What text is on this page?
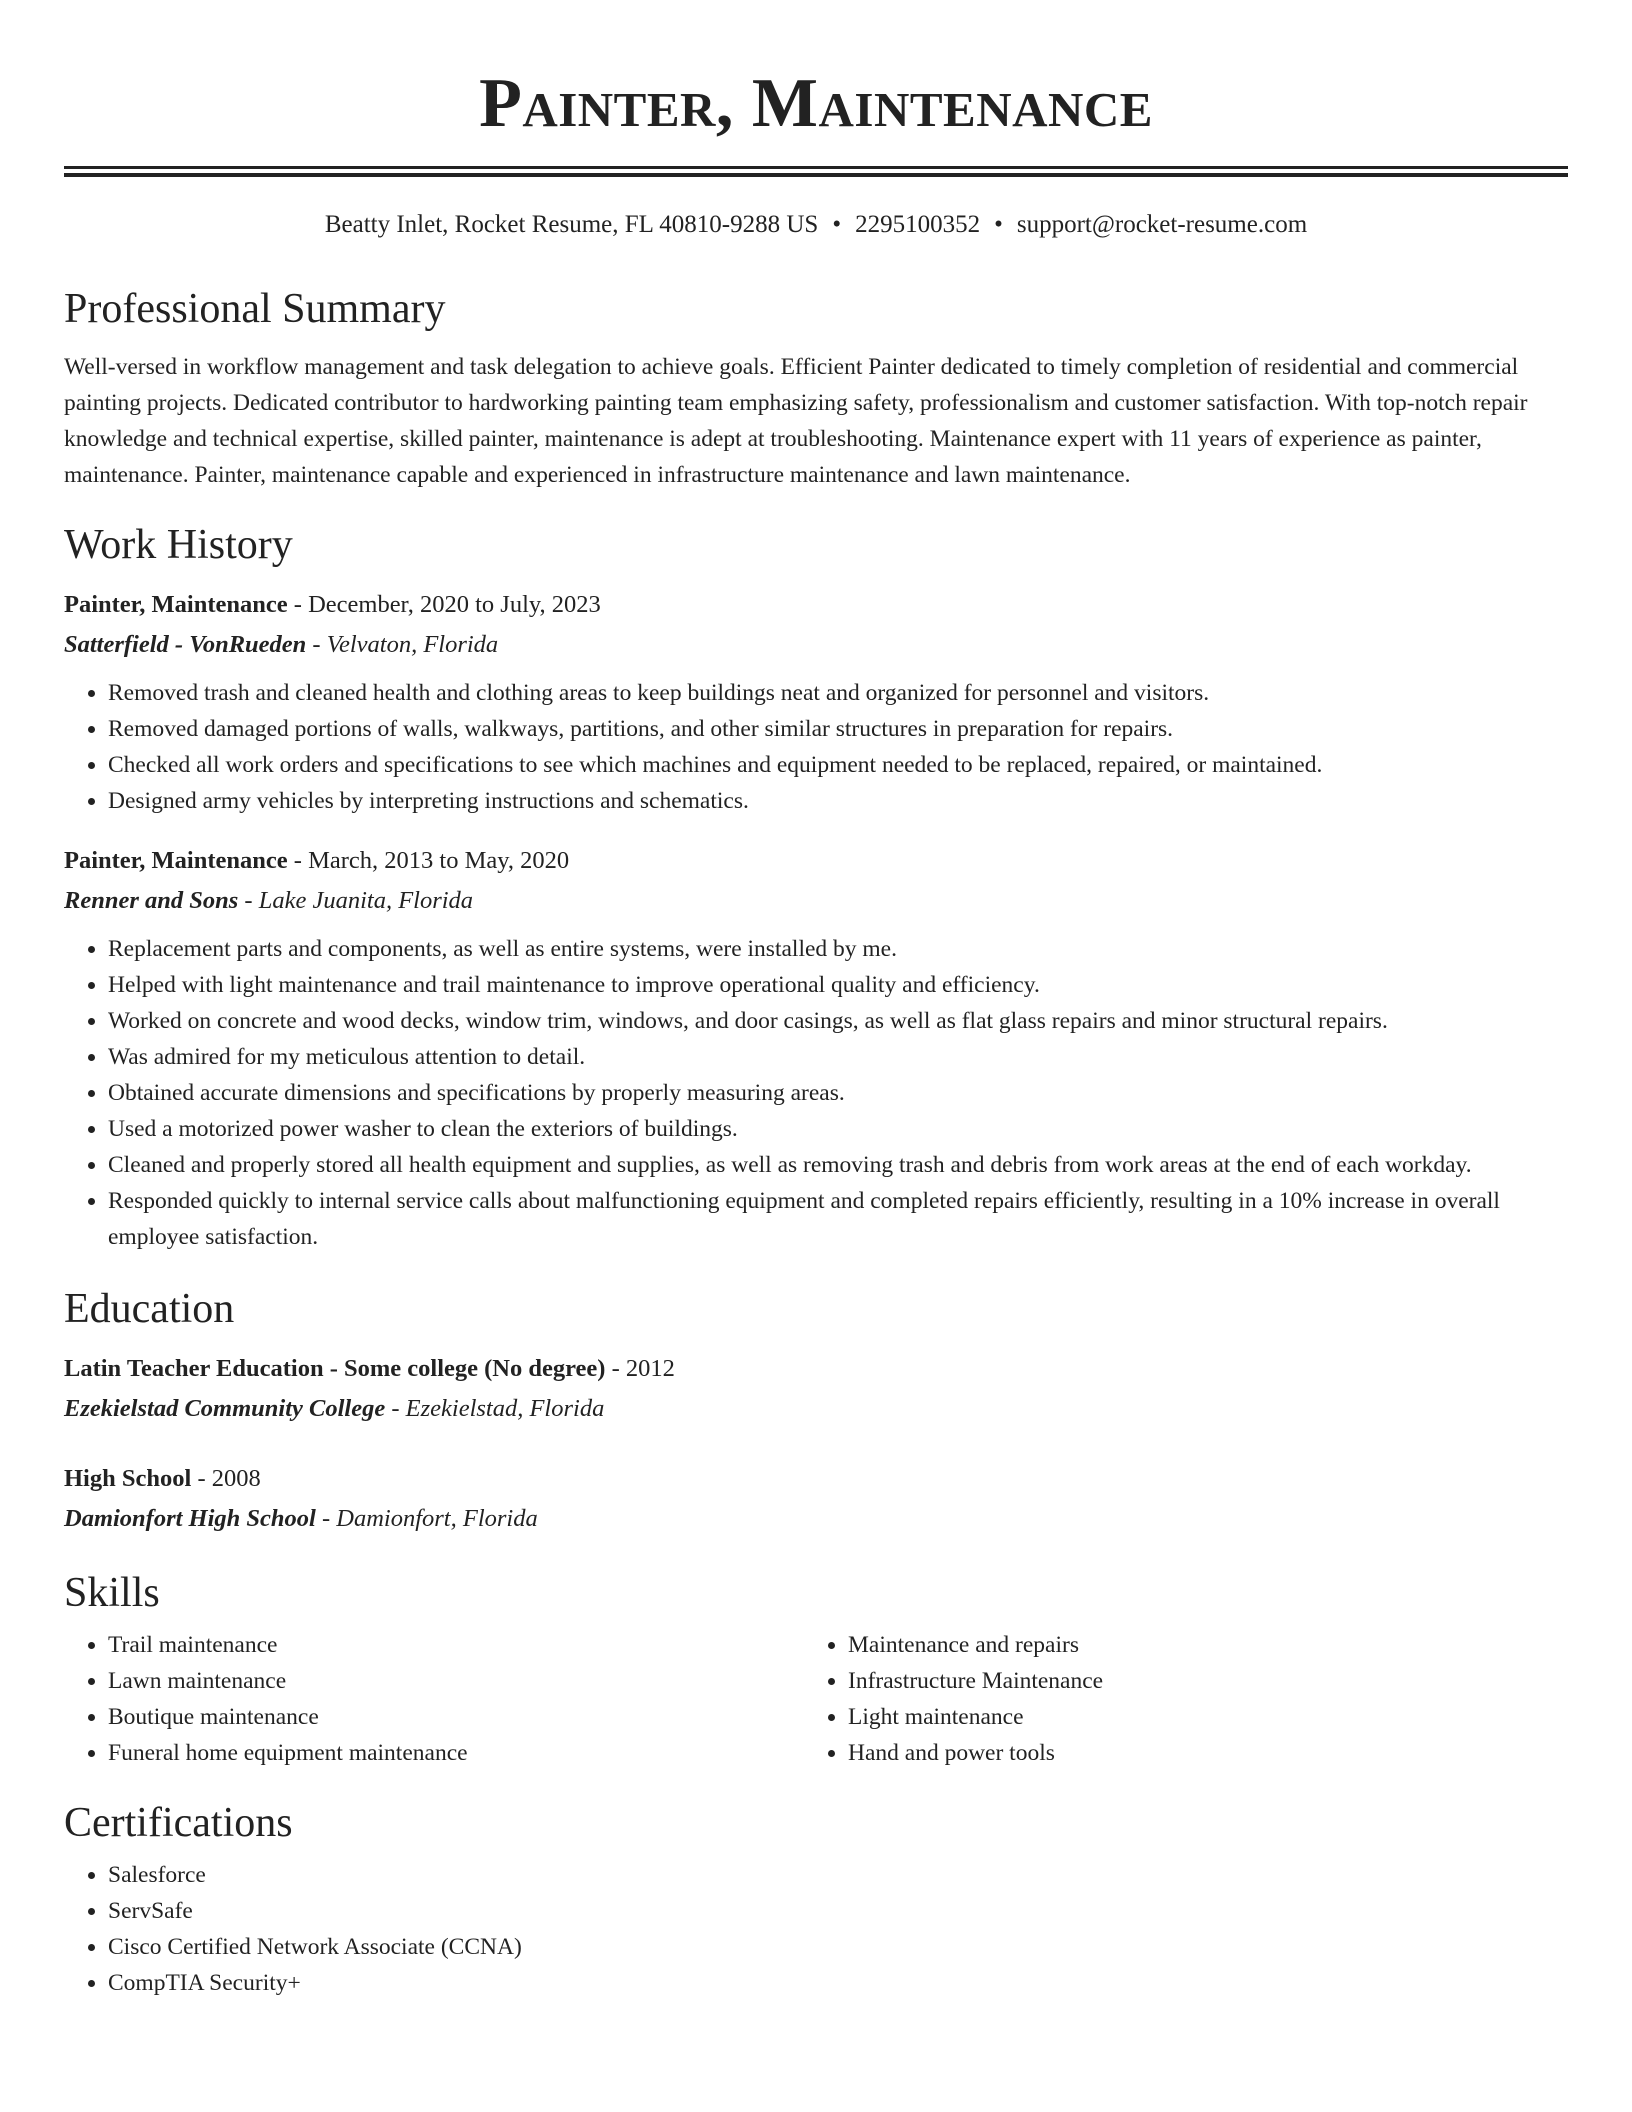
Painter, Maintenance
Beatty Inlet, Rocket Resume, FL 40810-9288 US • 2295100352 • support@rocket-resume.com
Professional Summary

Well-versed in workflow management and task delegation to achieve goals. Efficient Painter dedicated to timely completion of residential and commercial painting projects. Dedicated contributor to hardworking painting team emphasizing safety, professionalism and customer satisfaction. With top-notch repair knowledge and technical expertise, skilled painter, maintenance is adept at troubleshooting. Maintenance expert with 11 years of experience as painter, maintenance. Painter, maintenance capable and experienced in infrastructure maintenance and lawn maintenance.

Work History
Painter, Maintenance - December, 2020 to July, 2023
Satterfield - VonRueden - Velvaton, Florida
• Removed trash and cleaned health and clothing areas to keep buildings neat and organized for personnel and visitors.
• Removed damaged portions of walls, walkways, partitions, and other similar structures in preparation for repairs.
• Checked all work orders and specifications to see which machines and equipment needed to be replaced, repaired, or maintained.
• Designed army vehicles by interpreting instructions and schematics.
Painter, Maintenance - March, 2013 to May, 2020
Renner and Sons - Lake Juanita, Florida
• Replacement parts and components, as well as entire systems, were installed by me.
• Helped with light maintenance and trail maintenance to improve operational quality and efficiency.
• Worked on concrete and wood decks, window trim, windows, and door casings, as well as flat glass repairs and minor structural repairs.
• Was admired for my meticulous attention to detail.
• Obtained accurate dimensions and specifications by properly measuring areas.
• Used a motorized power washer to clean the exteriors of buildings.
• Cleaned and properly stored all health equipment and supplies, as well as removing trash and debris from work areas at the end of each workday.
• Responded quickly to internal service calls about malfunctioning equipment and completed repairs efficiently, resulting in a 10% increase in overall employee satisfaction.
Education
Latin Teacher Education - Some college (No degree) - 2012
Ezekielstad Community College - Ezekielstad, Florida
High School - 2008
Damionfort High School - Damionfort, Florida
Skills
• Trail maintenance
• Lawn maintenance
• Boutique maintenance
• Funeral home equipment maintenance
• Maintenance and repairs
• Infrastructure Maintenance
• Light maintenance
• Hand and power tools
Certifications
• Salesforce
• ServSafe
• Cisco Certified Network Associate (CCNA)
• CompTIA Security+
